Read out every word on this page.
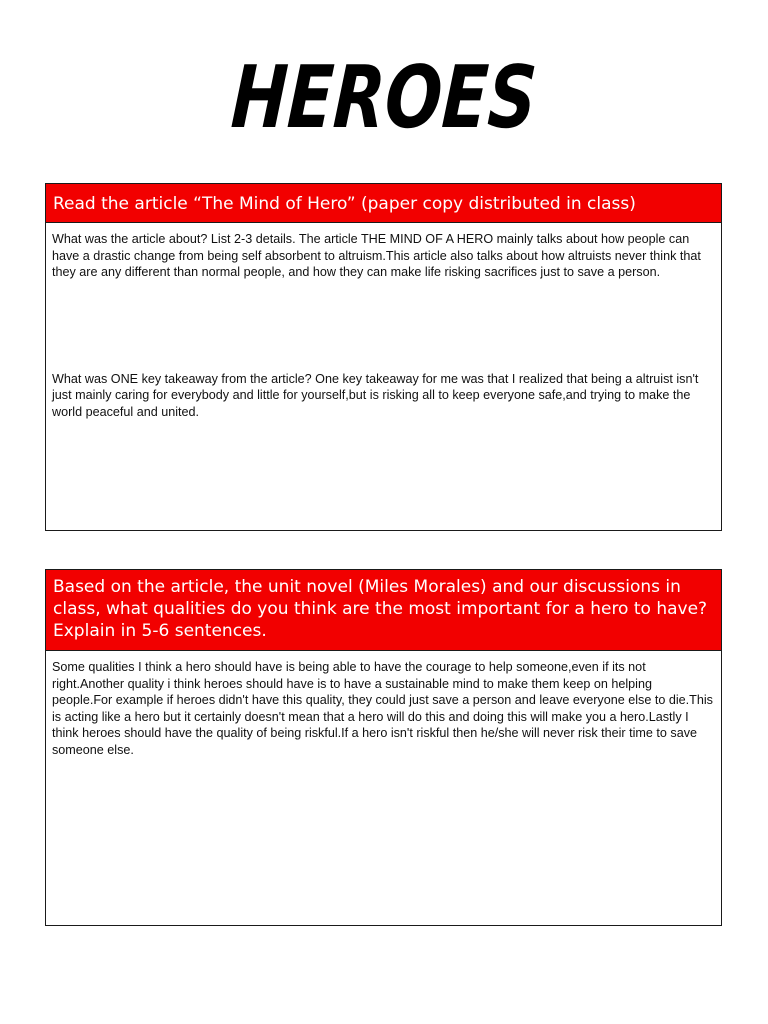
HEROES
Read the article “The Mind of Hero” (paper copy distributed in class)
What was the article about? List 2-3 details. The article THE MIND OF A HERO mainly talks about how people can have a drastic change from being self absorbent to altruism.This article also talks about how altruists never think that they are any different than normal people, and how they can make life risking sacrifices just to save a person.
What was ONE key takeaway from the article? One key takeaway for me was that I realized that being a altruist isn't just mainly caring for everybody and little for yourself,but is risking all to keep everyone safe,and trying to make the world peaceful and united.
Based on the article, the unit novel (Miles Morales) and our discussions in class, what qualities do you think are the most important for a hero to have? Explain in 5-6 sentences.
Some qualities I think a hero should have is being able to have the courage to help someone,even if its not right.Another quality i think heroes should have is to have a sustainable mind to make them keep on helping people.For example if heroes didn't have this quality, they could just save a person and leave everyone else to die.This is acting like a hero but it certainly doesn't mean that a hero will do this and doing this will make you a hero.Lastly I think heroes should have the quality of being riskful.If a hero isn't riskful then he/she will never risk their time to save someone else.
